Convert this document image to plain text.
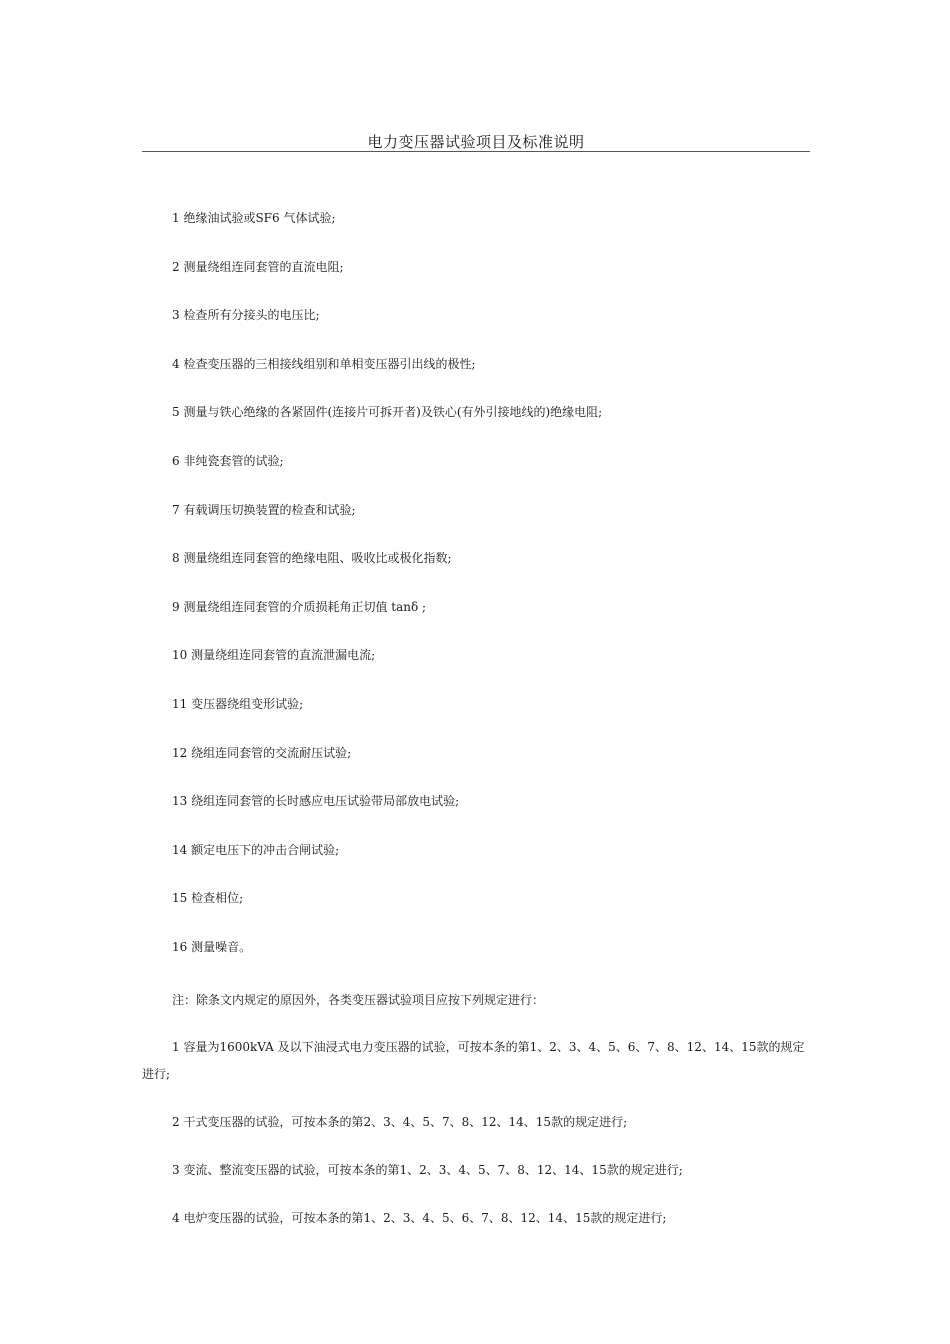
电力变压器试验项目及标准说明
1 绝缘油试验或SF6 气体试验;
2 测量绕组连同套管的直流电阻;
3 检查所有分接头的电压比;
4 检查变压器的三相接线组别和单相变压器引出线的极性;
5 测量与铁心绝缘的各紧固件(连接片可拆开者)及铁心(有外引接地线的)绝缘电阻;
6 非纯瓷套管的试验;
7 有载调压切换装置的检查和试验;
8 测量绕组连同套管的绝缘电阻、吸收比或极化指数;
9 测量绕组连同套管的介质损耗角正切值 tanδ ;
10 测量绕组连同套管的直流泄漏电流;
11 变压器绕组变形试验;
12 绕组连同套管的交流耐压试验;
13 绕组连同套管的长时感应电压试验带局部放电试验;
14 额定电压下的冲击合闸试验;
15 检查相位;
16 测量噪音。
注：除条文内规定的原因外，各类变压器试验项目应按下列规定进行：
1 容量为1600kVA 及以下油浸式电力变压器的试验，可按本条的第1、2、3、4、5、6、7、8、12、14、15款的规定进行;
2 干式变压器的试验，可按本条的第2、3、4、5、7、8、12、14、15款的规定进行;
3 变流、整流变压器的试验，可按本条的第1、2、3、4、5、7、8、12、14、15款的规定进行;
4 电炉变压器的试验，可按本条的第1、2、3、4、5、6、7、8、12、14、15款的规定进行;
